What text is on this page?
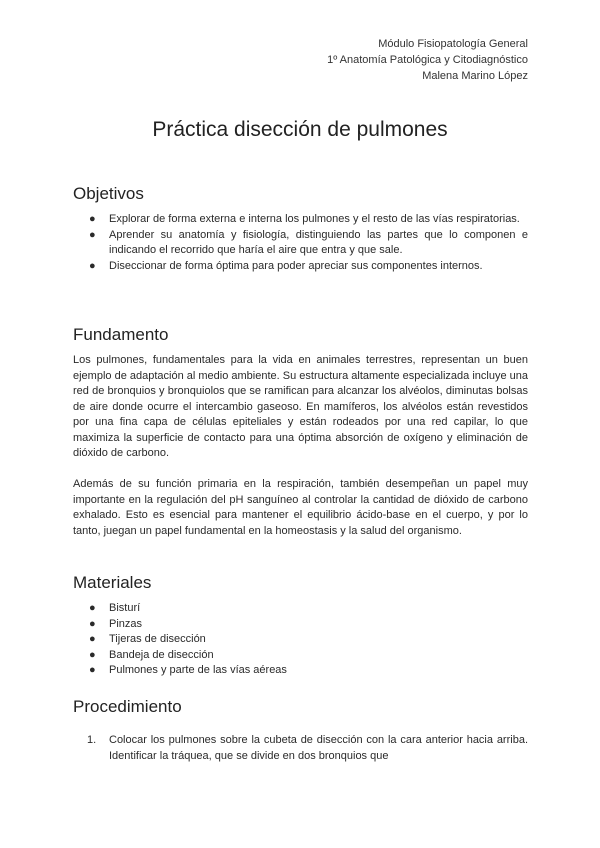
Módulo Fisiopatología General
1º Anatomía Patológica y Citodiagnóstico
Malena Marino López
Práctica disección de pulmones
Objetivos
● Explorar de forma externa e interna los pulmones y el resto de las vías respiratorias.
● Aprender su anatomía y fisiología, distinguiendo las partes que lo componen e indicando el recorrido que haría el aire que entra y que sale.
● Diseccionar de forma óptima para poder apreciar sus componentes internos.
Fundamento

Los pulmones, fundamentales para la vida en animales terrestres, representan un buen ejemplo de adaptación al medio ambiente. Su estructura altamente especializada incluye una red de bronquios y bronquiolos que se ramifican para alcanzar los alvéolos, diminutas bolsas de aire donde ocurre el intercambio gaseoso. En mamíferos, los alvéolos están revestidos por una fina capa de células epiteliales y están rodeados por una red capilar, lo que maximiza la superficie de contacto para una óptima absorción de oxígeno y eliminación de dióxido de carbono.

Además de su función primaria en la respiración, también desempeñan un papel muy importante en la regulación del pH sanguíneo al controlar la cantidad de dióxido de carbono exhalado. Esto es esencial para mantener el equilibrio ácido-base en el cuerpo, y por lo tanto, juegan un papel fundamental en la homeostasis y la salud del organismo.

Materiales
● Bisturí
● Pinzas
● Tijeras de disección
● Bandeja de disección
● Pulmones y parte de las vías aéreas
Procedimiento
1. Colocar los pulmones sobre la cubeta de disección con la cara anterior hacia arriba. Identificar la tráquea, que se divide en dos bronquios que
